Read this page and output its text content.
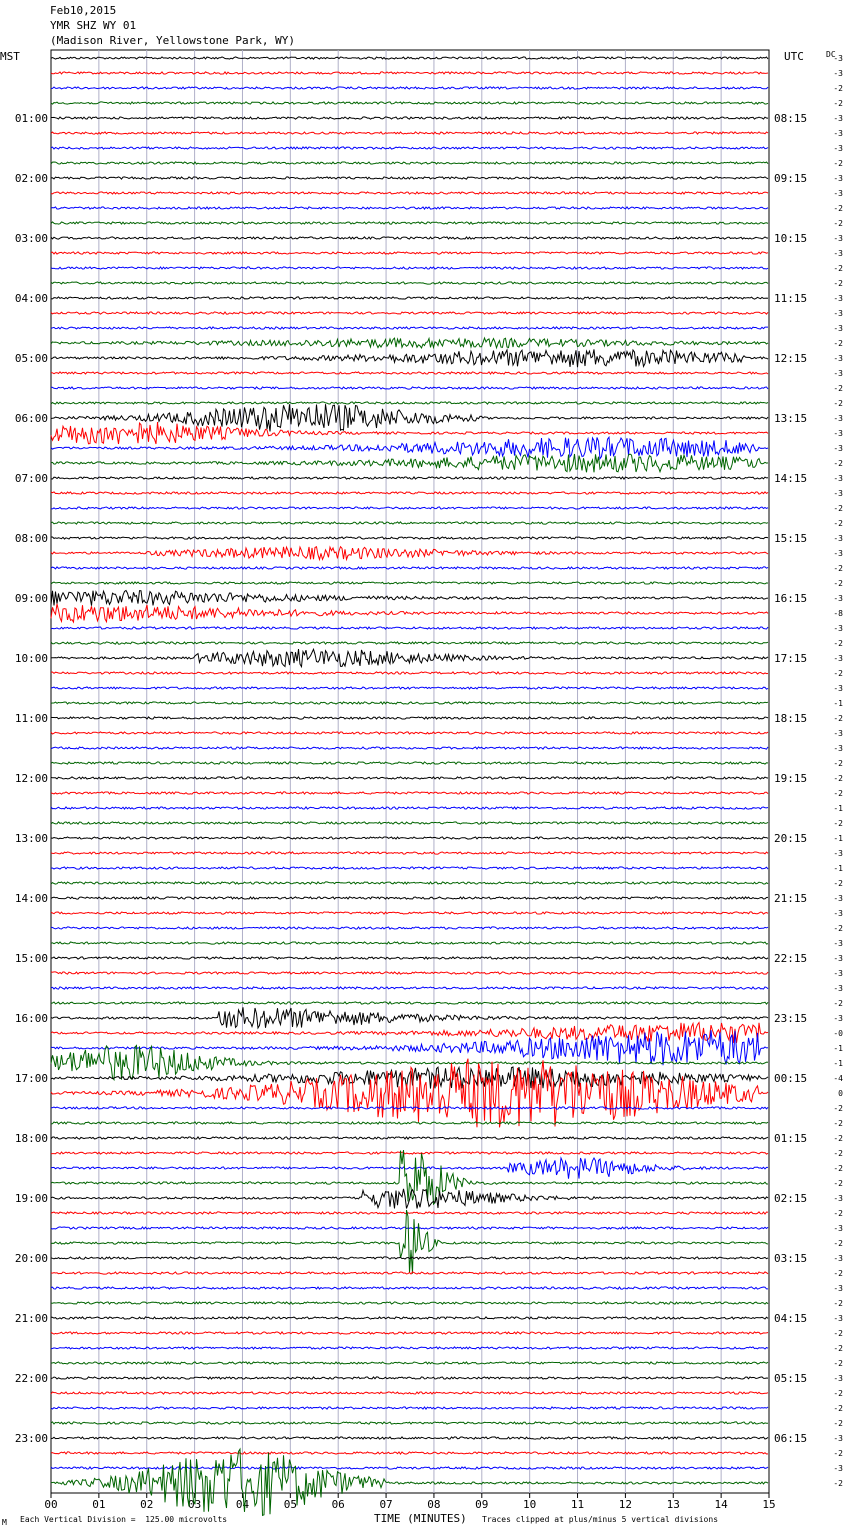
Feb10,2015
YMR SHZ WY 01
(Madison River, Yellowstone Park, WY)
MST	UTC	DC
M Each Vertical Division =  125.00 microvolts	TIME (MINUTES) Traces clipped at plus/minus 5 vertical divisions
00	01	02	03	04	05	06	07	08	09	10	11	12	13	14	15
-3
-3
-2
-2
-3
01:00	08:15
-3
-3
-2
-3
02:00	09:15
-3
-2
-2
-3
03:00	10:15
-3
-2
-2
-3
04:00	11:15
-3
-3
-2
-3
05:00	12:15
-3
-2
-2
-3
06:00	13:15
-3
-3
-2
-3
07:00	14:15
-3
-2
-2
-3
08:00	15:15
-3
-2
-2
-3
09:00	16:15
-8
-3
-2
-3
10:00	17:15
-2
-3
-1
-2
11:00	18:15
-3
-3
-2
-2
12:00	19:15
-2
-1
-2
-1
13:00	20:15
-3
-1
-2
-3
14:00	21:15
-3
-2
-3
-3
15:00	22:15
-3
-3
-2
-3
16:00	23:15
-0
-1
-1
-4
17:00	00:15
0
-2
-2
-2
18:00	01:15
-2
-2
-2
-3
19:00	02:15
-2
-3
-2
-3
20:00	03:15
-2
-3
-2
-3
21:00	04:15
-2
-2
-2
-3
22:00	05:15
-2
-2
-2
-3
23:00	06:15
-2
-3
-2
